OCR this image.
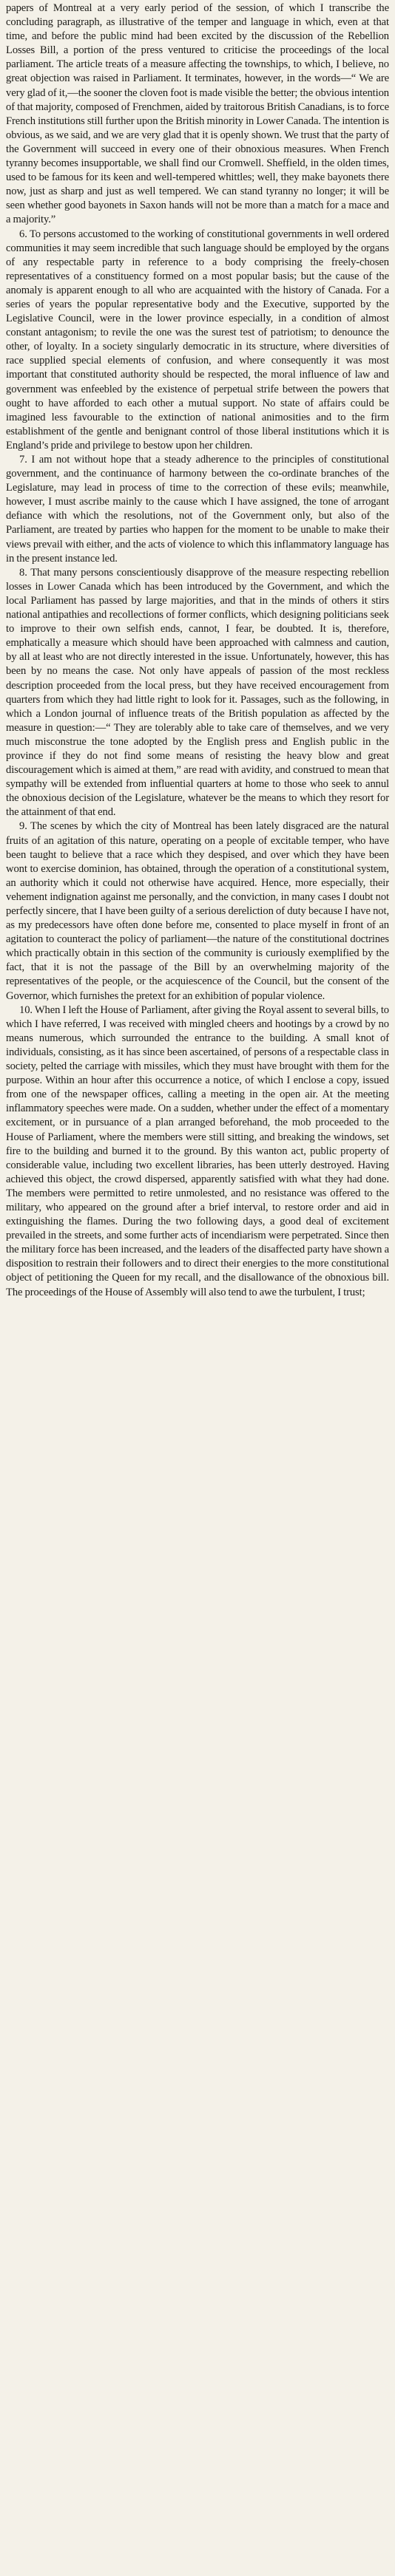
papers of Montreal at a very early period of the session, of which I transcribe the concluding paragraph, as illustrative of the temper and language in which, even at that time, and before the public mind had been excited by the discussion of the Rebellion Losses Bill, a portion of the press ventured to criticise the proceedings of the local parliament. The article treats of a measure affecting the townships, to which, I believe, no great objection was raised in Parliament. It terminates, however, in the words—“ We are very glad of it,—the sooner the cloven foot is made visible the better; the obvious intention of that majority, composed of Frenchmen, aided by traitorous British Canadians, is to force French institutions still further upon the British minority in Lower Canada. The intention is obvious, as we said, and we are very glad that it is openly shown. We trust that the party of the Government will succeed in every one of their obnoxious measures. When French tyranny becomes insupportable, we shall find our Cromwell. Sheffield, in the olden times, used to be famous for its keen and well-tempered whittles; well, they make bayonets there now, just as sharp and just as well tempered. We can stand tyranny no longer; it will be seen whether good bayonets in Saxon hands will not be more than a match for a mace and a majority.”

6. To persons accustomed to the working of constitutional governments in well ordered communities it may seem incredible that such language should be employed by the organs of any respectable party in reference to a body comprising the freely-chosen representatives of a constituency formed on a most popular basis; but the cause of the anomaly is apparent enough to all who are acquainted with the history of Canada. For a series of years the popular representative body and the Executive, supported by the Legislative Council, were in the lower province especially, in a condition of almost constant antagonism; to revile the one was the surest test of patriotism; to denounce the other, of loyalty. In a society singularly democratic in its structure, where diversities of race supplied special elements of confusion, and where consequently it was most important that constituted authority should be respected, the moral influence of law and government was enfeebled by the existence of perpetual strife between the powers that ought to have afforded to each other a mutual support. No state of affairs could be imagined less favourable to the extinction of national animosities and to the firm establishment of the gentle and benignant control of those liberal institutions which it is England’s pride and privilege to bestow upon her children.

7. I am not without hope that a steady adherence to the principles of constitutional government, and the continuance of harmony between the co-ordinate branches of the Legislature, may lead in process of time to the correction of these evils; meanwhile, however, I must ascribe mainly to the cause which I have assigned, the tone of arrogant defiance with which the resolutions, not of the Government only, but also of the Parliament, are treated by parties who happen for the moment to be unable to make their views prevail with either, and the acts of violence to which this inflammatory language has in the present instance led.

8. That many persons conscientiously disapprove of the measure respecting rebellion losses in Lower Canada which has been introduced by the Government, and which the local Parliament has passed by large majorities, and that in the minds of others it stirs national antipathies and recollections of former conflicts, which designing politicians seek to improve to their own selfish ends, cannot, I fear, be doubted. It is, therefore, emphatically a measure which should have been approached with calmness and caution, by all at least who are not directly interested in the issue. Unfortunately, however, this has been by no means the case. Not only have appeals of passion of the most reckless description proceeded from the local press, but they have received encouragement from quarters from which they had little right to look for it. Passages, such as the following, in which a London journal of influence treats of the British population as affected by the measure in question:—“ They are tolerably able to take care of themselves, and we very much misconstrue the tone adopted by the English press and English public in the province if they do not find some means of resisting the heavy blow and great discouragement which is aimed at them,” are read with avidity, and construed to mean that sympathy will be extended from influential quarters at home to those who seek to annul the obnoxious decision of the Legislature, whatever be the means to which they resort for the attainment of that end.

9. The scenes by which the city of Montreal has been lately disgraced are the natural fruits of an agitation of this nature, operating on a people of excitable temper, who have been taught to believe that a race which they despised, and over which they have been wont to exercise dominion, has obtained, through the operation of a constitutional system, an authority which it could not otherwise have acquired. Hence, more especially, their vehement indignation against me personally, and the conviction, in many cases I doubt not perfectly sincere, that I have been guilty of a serious dereliction of duty because I have not, as my predecessors have often done before me, consented to place myself in front of an agitation to counteract the policy of parliament—the nature of the constitutional doctrines which practically obtain in this section of the community is curiously exemplified by the fact, that it is not the passage of the Bill by an overwhelming majority of the representatives of the people, or the acquiescence of the Council, but the consent of the Governor, which furnishes the pretext for an exhibition of popular violence.

10. When I left the House of Parliament, after giving the Royal assent to several bills, to which I have referred, I was received with mingled cheers and hootings by a crowd by no means numerous, which surrounded the entrance to the building. A small knot of individuals, consisting, as it has since been ascertained, of persons of a respectable class in society, pelted the carriage with missiles, which they must have brought with them for the purpose. Within an hour after this occurrence a notice, of which I enclose a copy, issued from one of the newspaper offices, calling a meeting in the open air. At the meeting inflammatory speeches were made. On a sudden, whether under the effect of a momentary excitement, or in pursuance of a plan arranged beforehand, the mob proceeded to the House of Parliament, where the members were still sitting, and breaking the windows, set fire to the building and burned it to the ground. By this wanton act, public property of considerable value, including two excellent libraries, has been utterly destroyed. Having achieved this object, the crowd dispersed, apparently satisfied with what they had done. The members were permitted to retire unmolested, and no resistance was offered to the military, who appeared on the ground after a brief interval, to restore order and aid in extinguishing the flames. During the two following days, a good deal of excitement prevailed in the streets, and some further acts of incendiarism were perpetrated. Since then the military force has been increased, and the leaders of the disaffected party have shown a disposition to restrain their followers and to direct their energies to the more constitutional object of petitioning the Queen for my recall, and the disallowance of the obnoxious bill. The proceedings of the House of Assembly will also tend to awe the turbulent, I trust;
